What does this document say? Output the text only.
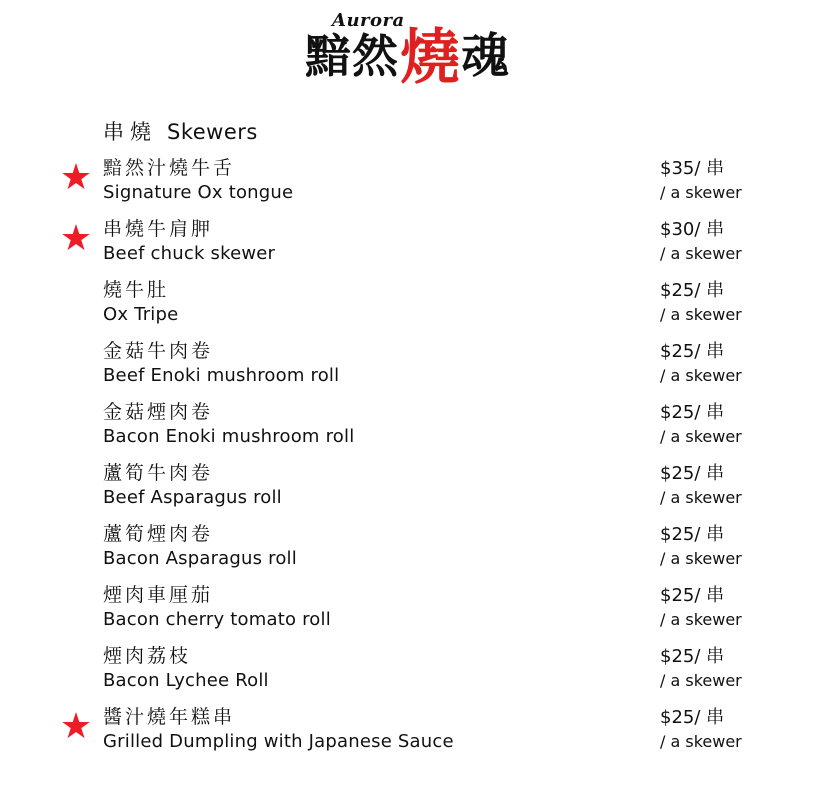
Aurora
黯然燒魂
串燒 Skewers
★ 黯然汁燒牛舌
Signature Ox tongue
$35/ 串
/ a skewer
★ 串燒牛肩胛
Beef chuck skewer
$30/ 串
/ a skewer
燒牛肚
Ox Tripe
$25/ 串
/ a skewer
金菇牛肉卷
Beef Enoki mushroom roll
$25/ 串
/ a skewer
金菇煙肉卷
Bacon Enoki mushroom roll
$25/ 串
/ a skewer
蘆筍牛肉卷
Beef Asparagus roll
$25/ 串
/ a skewer
蘆筍煙肉卷
Bacon Asparagus roll
$25/ 串
/ a skewer
煙肉車厘茄
Bacon cherry tomato roll
$25/ 串
/ a skewer
煙肉荔枝
Bacon Lychee Roll
$25/ 串
/ a skewer
★ 醬汁燒年糕串
Grilled Dumpling with Japanese Sauce
$25/ 串
/ a skewer
